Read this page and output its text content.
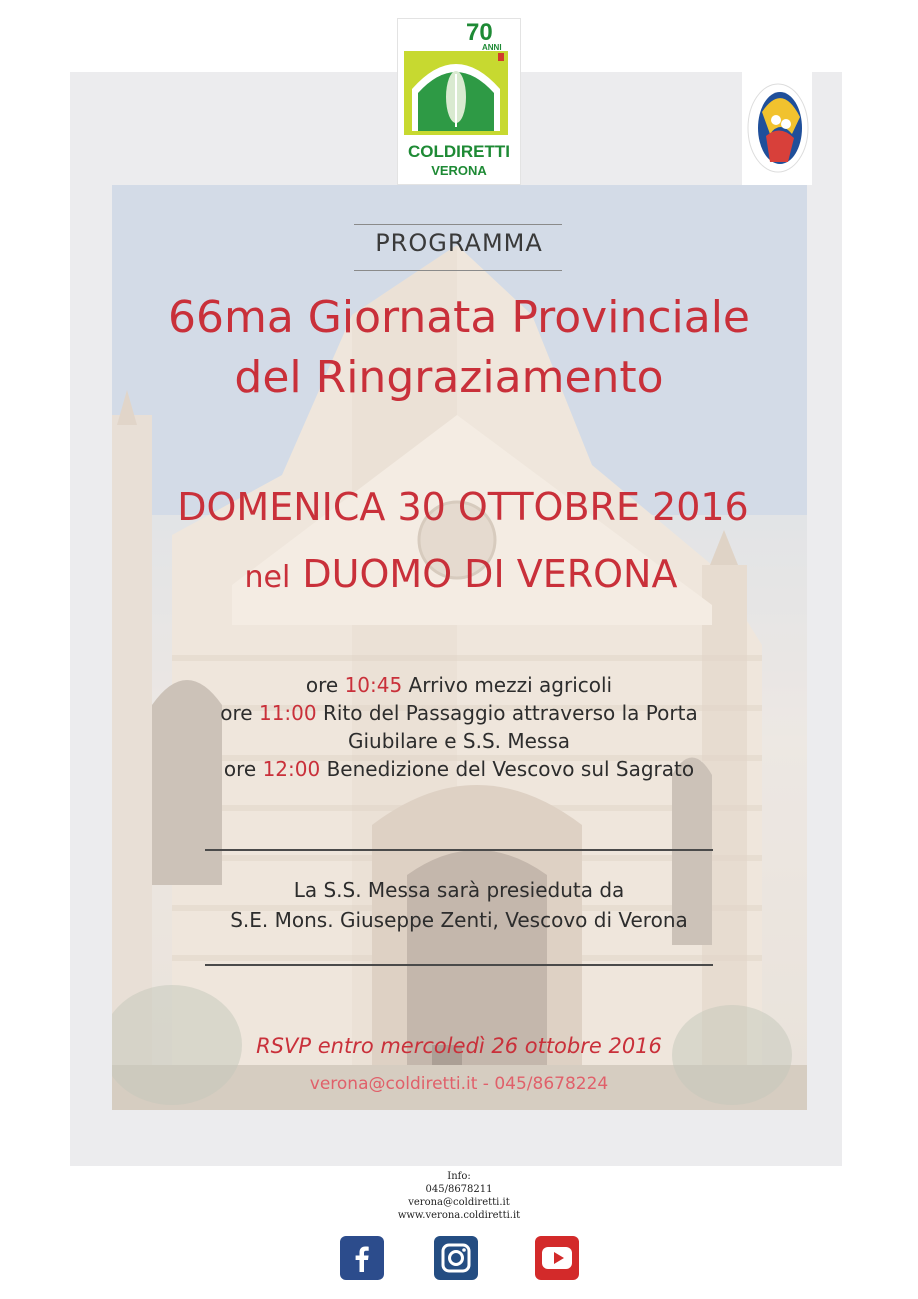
70
ANNI
COLDIRETTI
VERONA
PROGRAMMA
66ma Giornata Provinciale
del Ringraziamento
DOMENICA 30 OTTOBRE 2016
nel DUOMO DI VERONA
ore 10:45 Arrivo mezzi agricoli
ore 11:00 Rito del Passaggio attraverso la Porta
Giubilare e S.S. Messa
ore 12:00 Benedizione del Vescovo sul Sagrato
La S.S. Messa sarà presieduta da
S.E. Mons. Giuseppe Zenti, Vescovo di Verona
RSVP entro mercoledì 26 ottobre 2016
verona@coldiretti.it - 045/8678224
Info:
045/8678211
verona@coldiretti.it
www.verona.coldiretti.it
